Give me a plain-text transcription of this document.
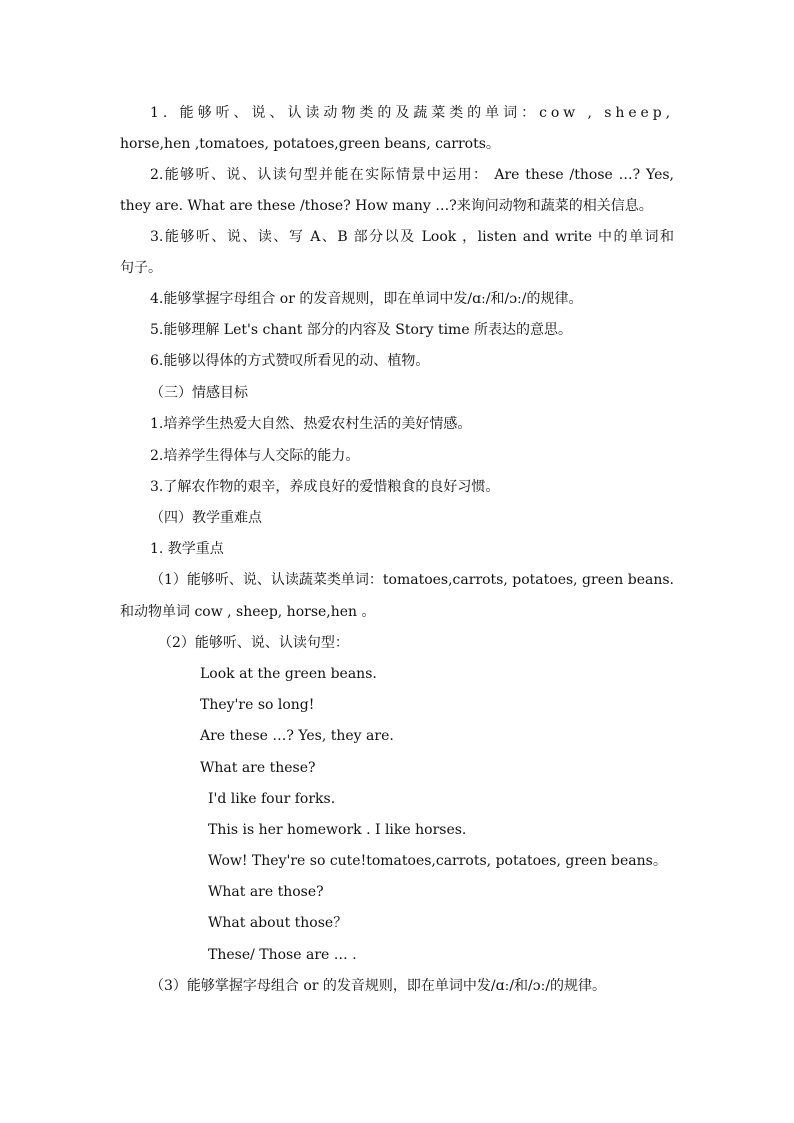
1. 能够听、说、认读动物类的及蔬菜类的单词：cow , sheep,
horse,hen ,tomatoes, potatoes,green beans, carrots。
2.能够听、说、认读句型并能在实际情景中运用： Are these /those …? Yes,
they are. What are these /those? How many …?来询问动物和蔬菜的相关信息。
3.能够听、说、读、写 A、B 部分以及 Look ，listen and write 中的单词和
句子。
4.能够掌握字母组合 or 的发音规则，即在单词中发/ɑː/和/ɔː/的规律。
5.能够理解 Let's chant 部分的内容及 Story time 所表达的意思。
6.能够以得体的方式赞叹所看见的动、植物。
（三）情感目标
1.培养学生热爱大自然、热爱农村生活的美好情感。
2.培养学生得体与人交际的能力。
3.了解农作物的艰辛，养成良好的爱惜粮食的良好习惯。
（四）教学重难点
1. 教学重点
（1）能够听、说、认读蔬菜类单词：tomatoes,carrots, potatoes, green beans.
和动物单词 cow , sheep, horse,hen 。
（2）能够听、说、认读句型：
Look at the green beans.
They're so long!
Are these …? Yes, they are.
What are these?
I'd like four forks.
This is her homework . I like horses.
Wow! They're so cute!tomatoes,carrots, potatoes, green beans。
What are those?
What about those？
These/ Those are … .
（3）能够掌握字母组合 or 的发音规则，即在单词中发/ɑː/和/ɔː/的规律。
